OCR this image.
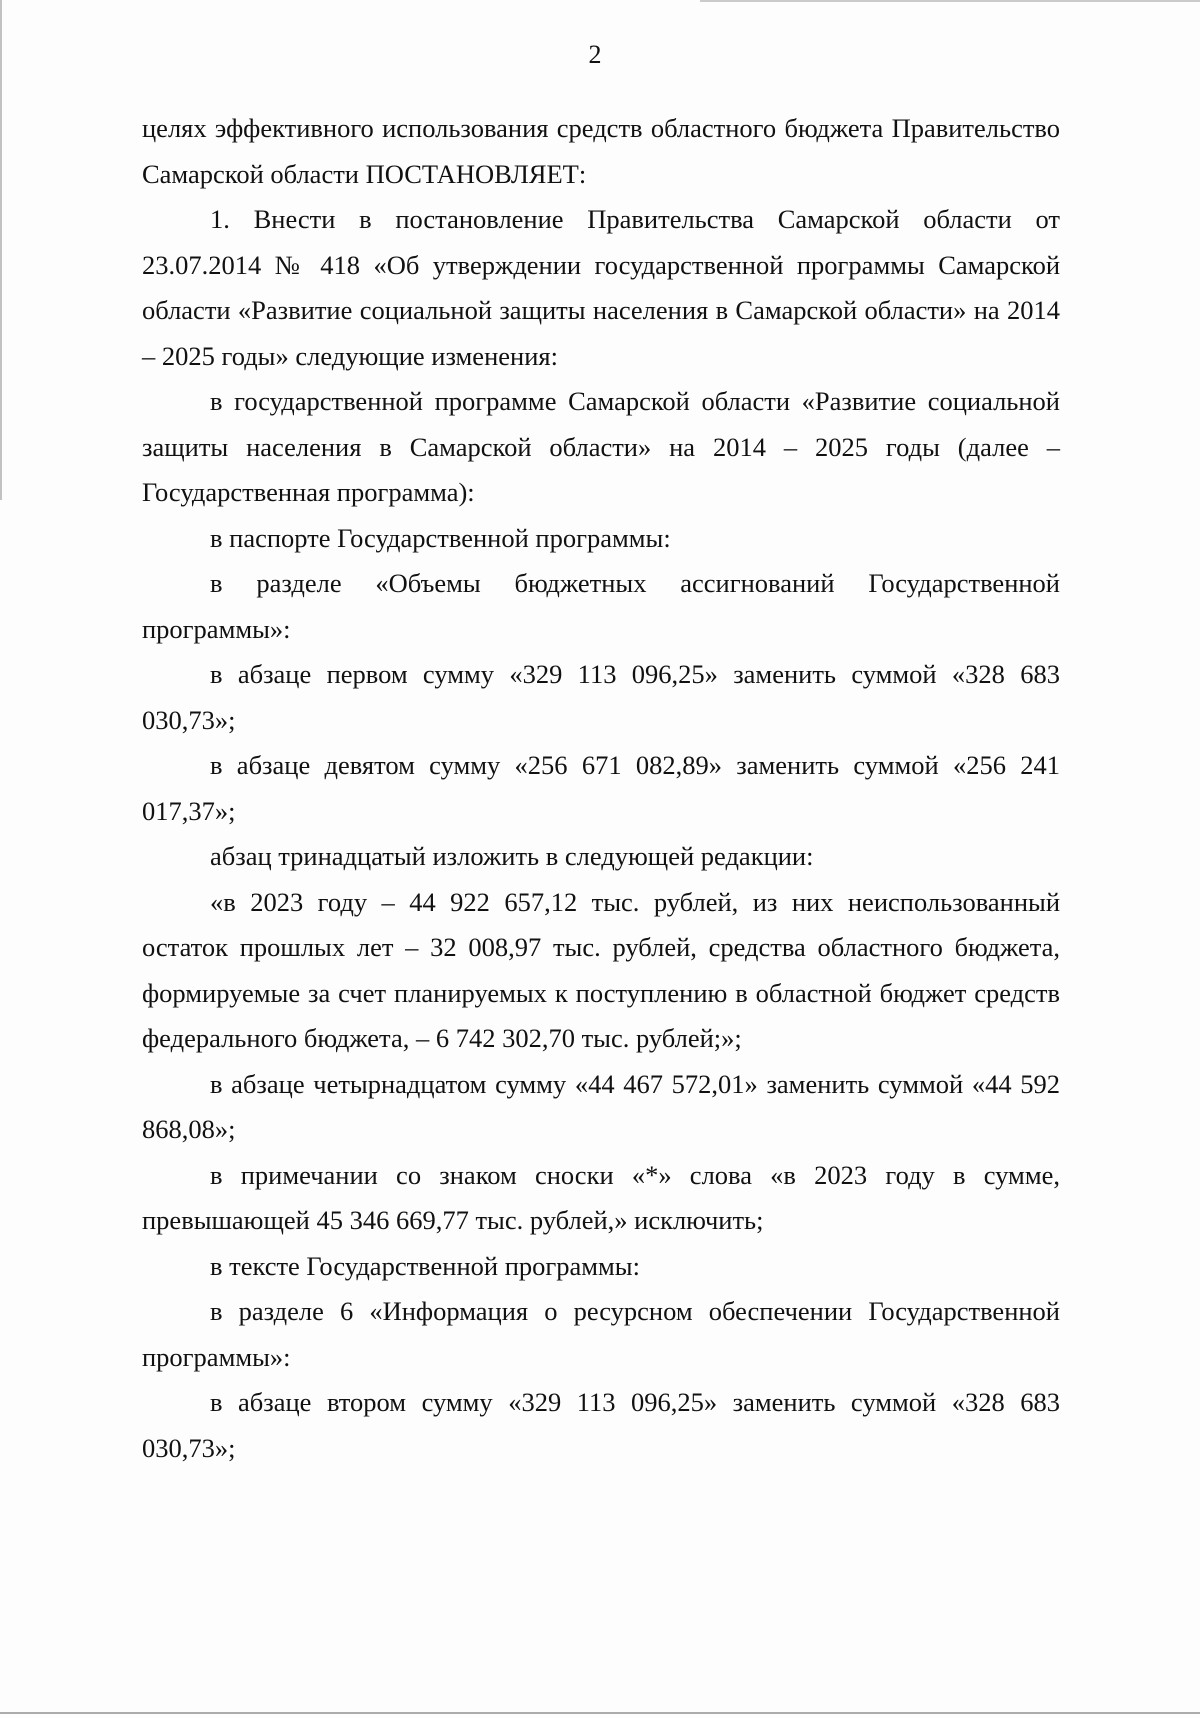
2

целях эффективного использования средств областного бюджета Правительство Самарской области ПОСТАНОВЛЯЕТ:

1. Внести в постановление Правительства Самарской области от 23.07.2014 № 418 «Об утверждении государственной программы Самарской области «Развитие социальной защиты населения в Самарской области» на 2014 – 2025 годы» следующие изменения:

в государственной программе Самарской области «Развитие социальной защиты населения в Самарской области» на 2014 – 2025 годы (далее – Государственная программа):

в паспорте Государственной программы:

в разделе «Объемы бюджетных ассигнований Государственной программы»:

в абзаце первом сумму «329 113 096,25» заменить суммой «328 683 030,73»;

в абзаце девятом сумму «256 671 082,89» заменить суммой «256 241 017,37»;

абзац тринадцатый изложить в следующей редакции:

«в 2023 году – 44 922 657,12 тыс. рублей, из них неиспользованный остаток прошлых лет – 32 008,97 тыс. рублей, средства областного бюджета, формируемые за счет планируемых к поступлению в областной бюджет средств федерального бюджета, – 6 742 302,70 тыс. рублей;»;

в абзаце четырнадцатом сумму «44 467 572,01» заменить суммой «44 592 868,08»;

в примечании со знаком сноски «*» слова «в 2023 году в сумме, превышающей 45 346 669,77 тыс. рублей,» исключить;

в тексте Государственной программы:

в разделе 6 «Информация о ресурсном обеспечении Государственной программы»:

в абзаце втором сумму «329 113 096,25» заменить суммой «328 683 030,73»;
